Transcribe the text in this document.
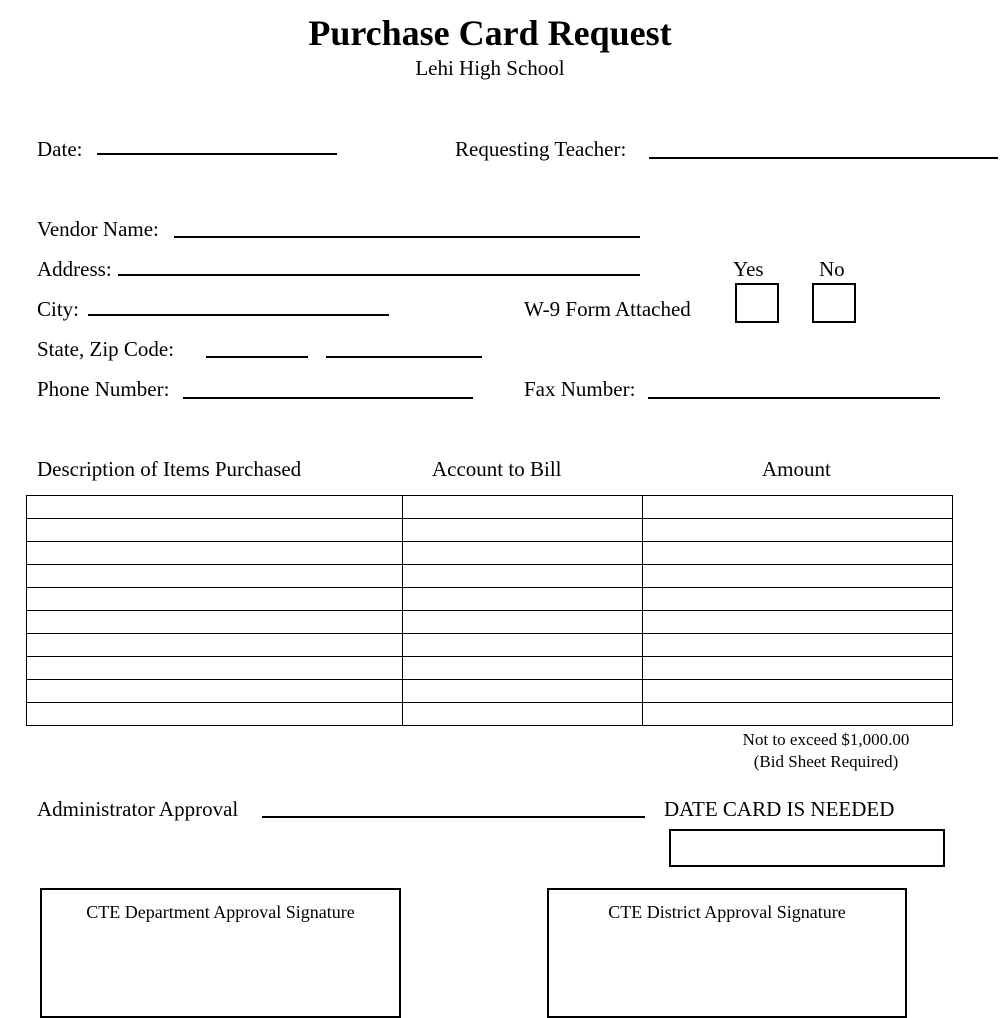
Purchase Card Request
Lehi High School
Date:	Requesting Teacher:
Vendor Name:
Address:
City:
State, Zip Code:
Phone Number:	Fax Number:
Yes	No
W-9 Form Attached
Description of Items Purchased	Account to Bill	Amount

Not to exceed $1,000.00
(Bid Sheet Required)
Administrator Approval	DATE CARD IS NEEDED
CTE Department Approval Signature	CTE District Approval Signature
